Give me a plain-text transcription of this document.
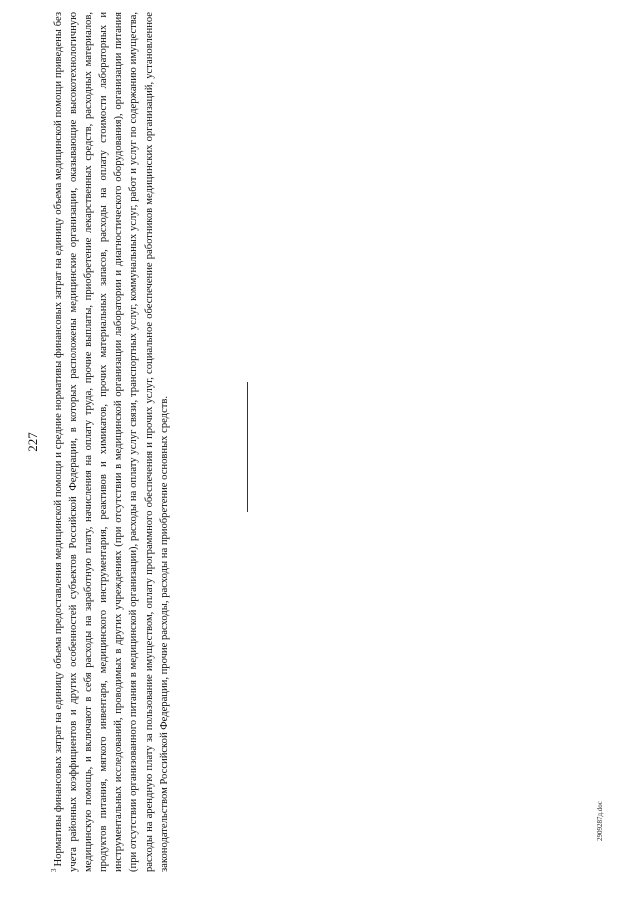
227
$^3$Нормативы финансовых затрат на единицу объема предоставления медицинской помощи и средние нормативы финансовых затрат на единицу объема медицинской помощи приведены без учета районных коэффициентов и других особенностей субъектов Российской Федерации, в которых расположены медицинские организации, оказывающие высокотехнологичную медицинскую помощь, и включают в себя расходы на заработную плату, начисления на оплату труда, прочие выплаты, приобретение лекарственных средств, расходных материалов, продуктов питания, мягкого инвентаря, медицинского инструментария, реактивов и химикатов, прочих материальных запасов, расходы на оплату стоимости лабораторных и инструментальных исследований, проводимых в других учреждениях (при отсутствии в медицинской организации лаборатории и диагностического оборудования), организации питания (при отсутствии организованного питания в медицинской организации), расходы на оплату услуг связи, транспортных услуг, коммунальных услуг, работ и услуг по содержанию имущества, расходы на арендную плату за пользование имуществом, оплату программного обеспечения и прочих услуг, социальное обеспечение работников медицинских организаций, установленное законодательством Российской Федерации, прочие расходы, расходы на приобретение основных средств.	2909287д.doc
